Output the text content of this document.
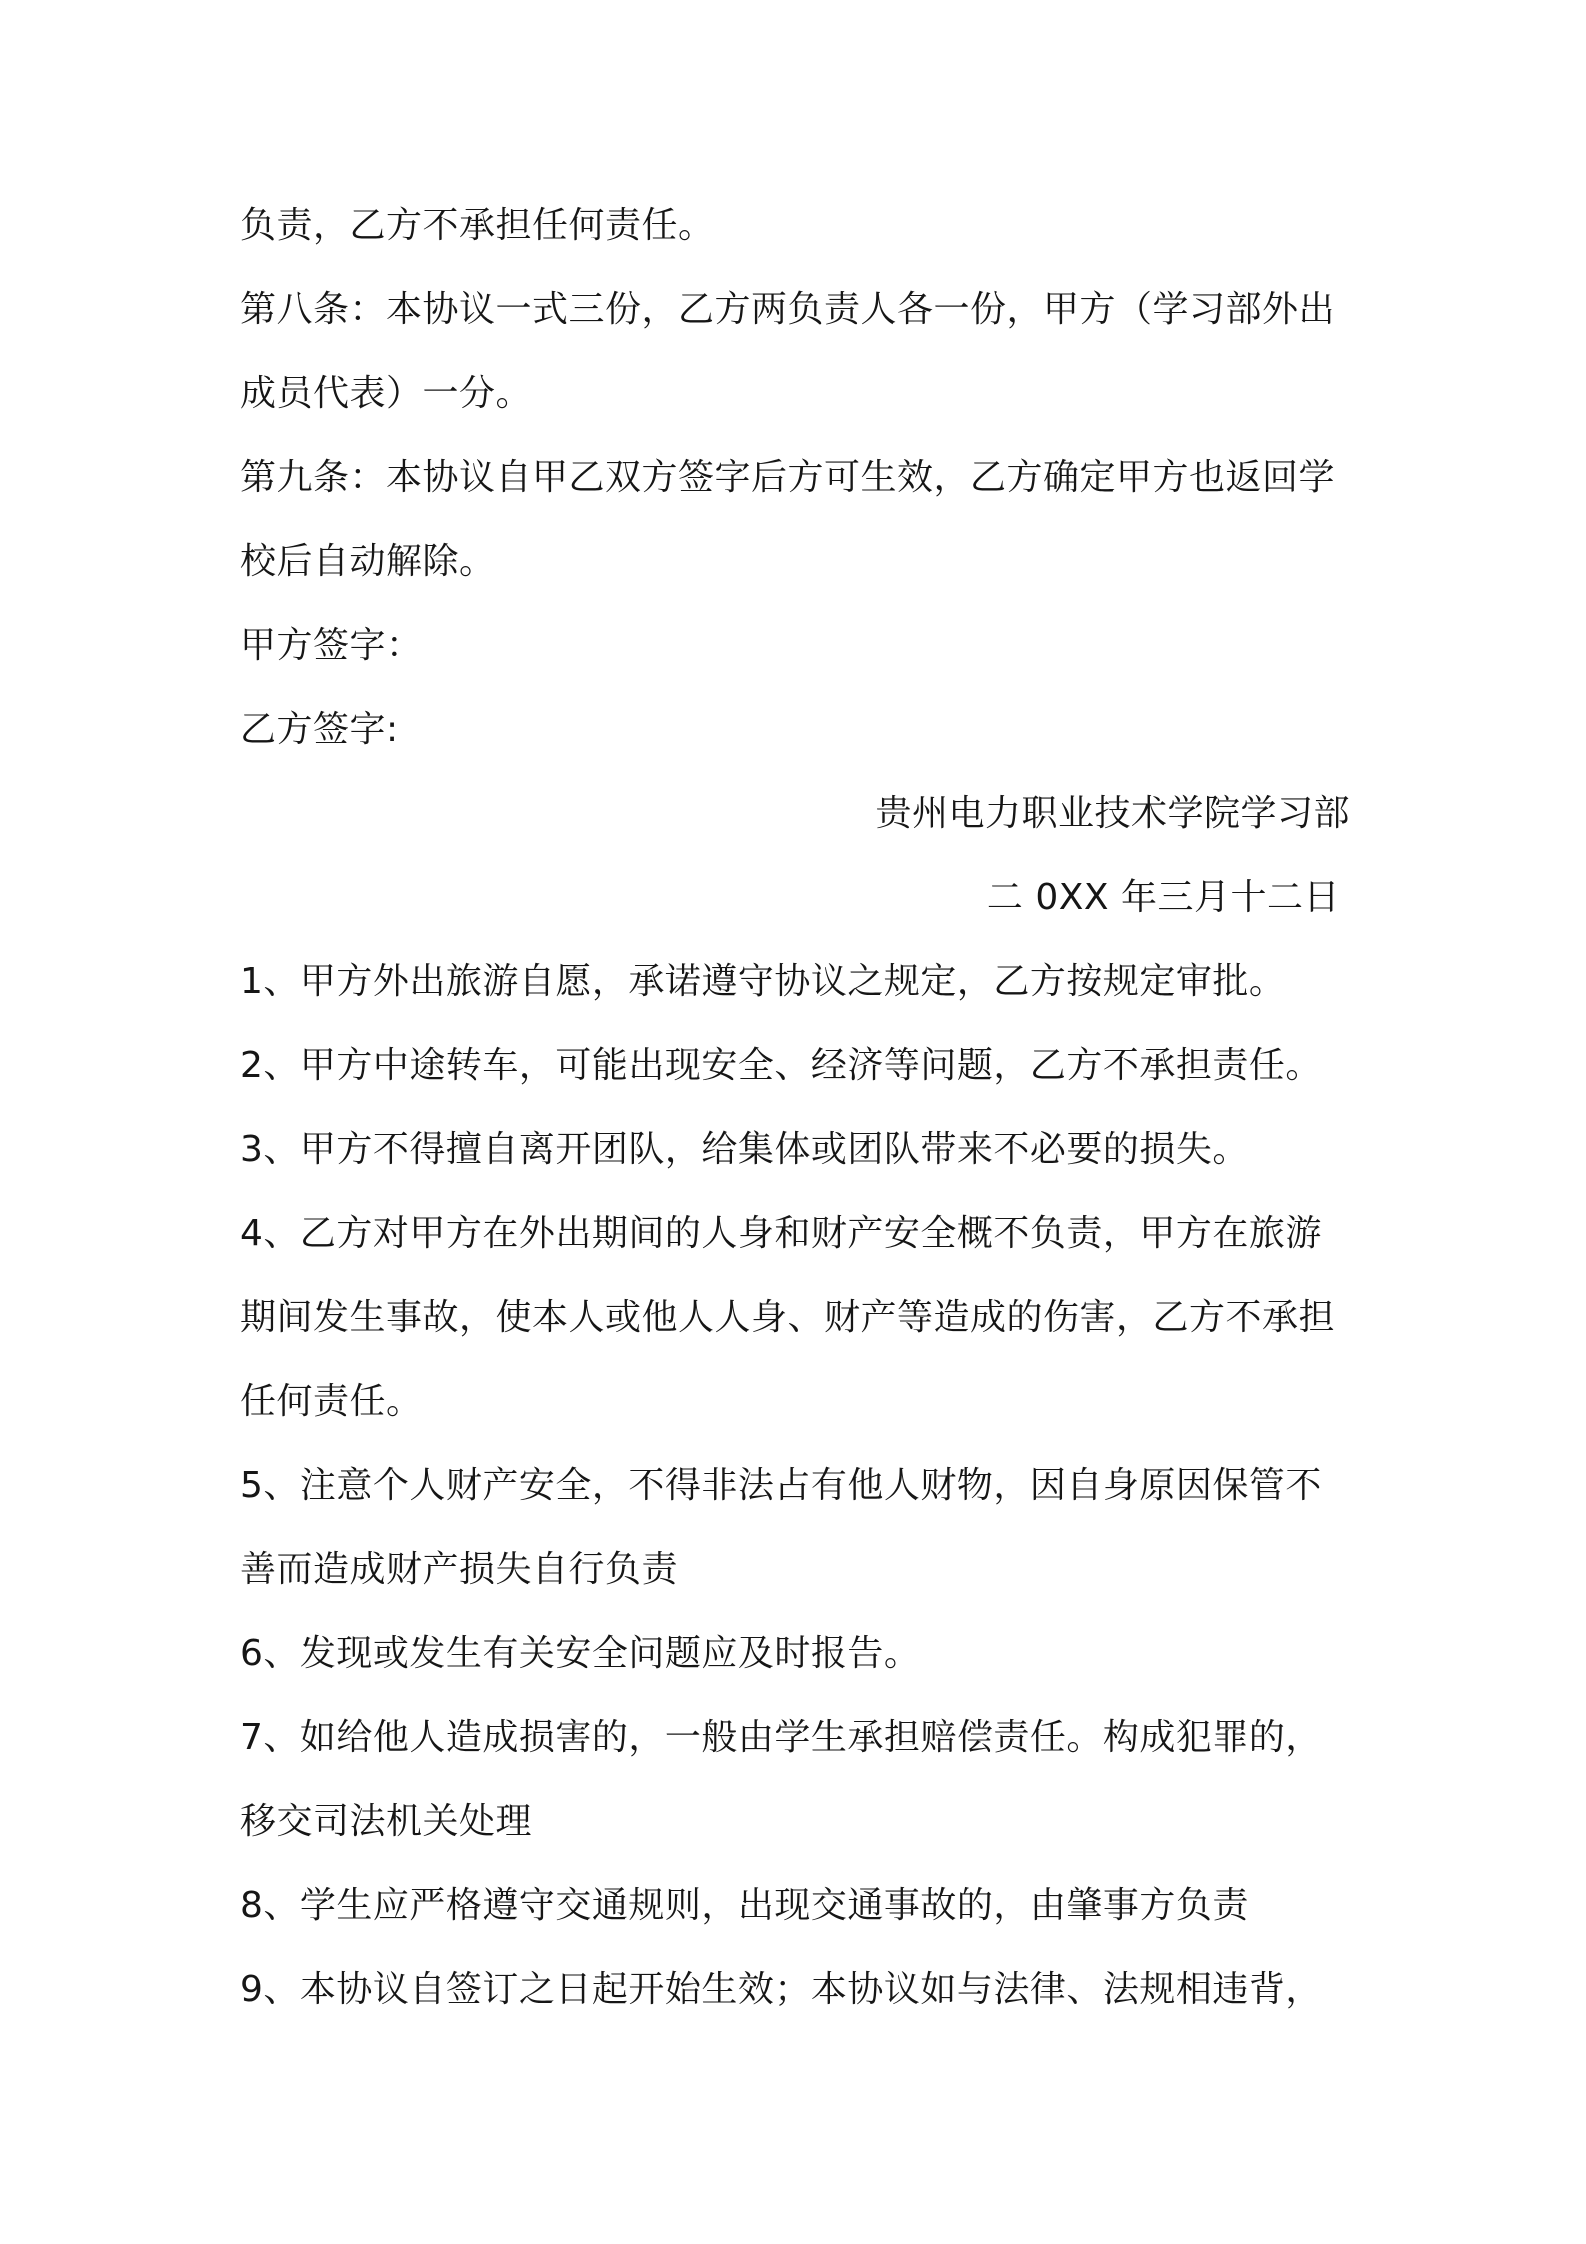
负责，乙方不承担任何责任。
第八条：本协议一式三份，乙方两负责人各一份，甲方（学习部外出
成员代表）一分。
第九条：本协议自甲乙双方签字后方可生效，乙方确定甲方也返回学
校后自动解除。
甲方签字：
乙方签字:
贵州电力职业技术学院学习部
二 0XX 年三月十二日
1、甲方外出旅游自愿，承诺遵守协议之规定，乙方按规定审批。
2、甲方中途转车，可能出现安全、经济等问题，乙方不承担责任。
3、甲方不得擅自离开团队，给集体或团队带来不必要的损失。
4、乙方对甲方在外出期间的人身和财产安全概不负责，甲方在旅游
期间发生事故，使本人或他人人身、财产等造成的伤害，乙方不承担
任何责任。
5、注意个人财产安全，不得非法占有他人财物，因自身原因保管不
善而造成财产损失自行负责
6、发现或发生有关安全问题应及时报告。
7、如给他人造成损害的，一般由学生承担赔偿责任。构成犯罪的，
移交司法机关处理
8、学生应严格遵守交通规则，出现交通事故的，由肇事方负责
9、本协议自签订之日起开始生效；本协议如与法律、法规相违背，
